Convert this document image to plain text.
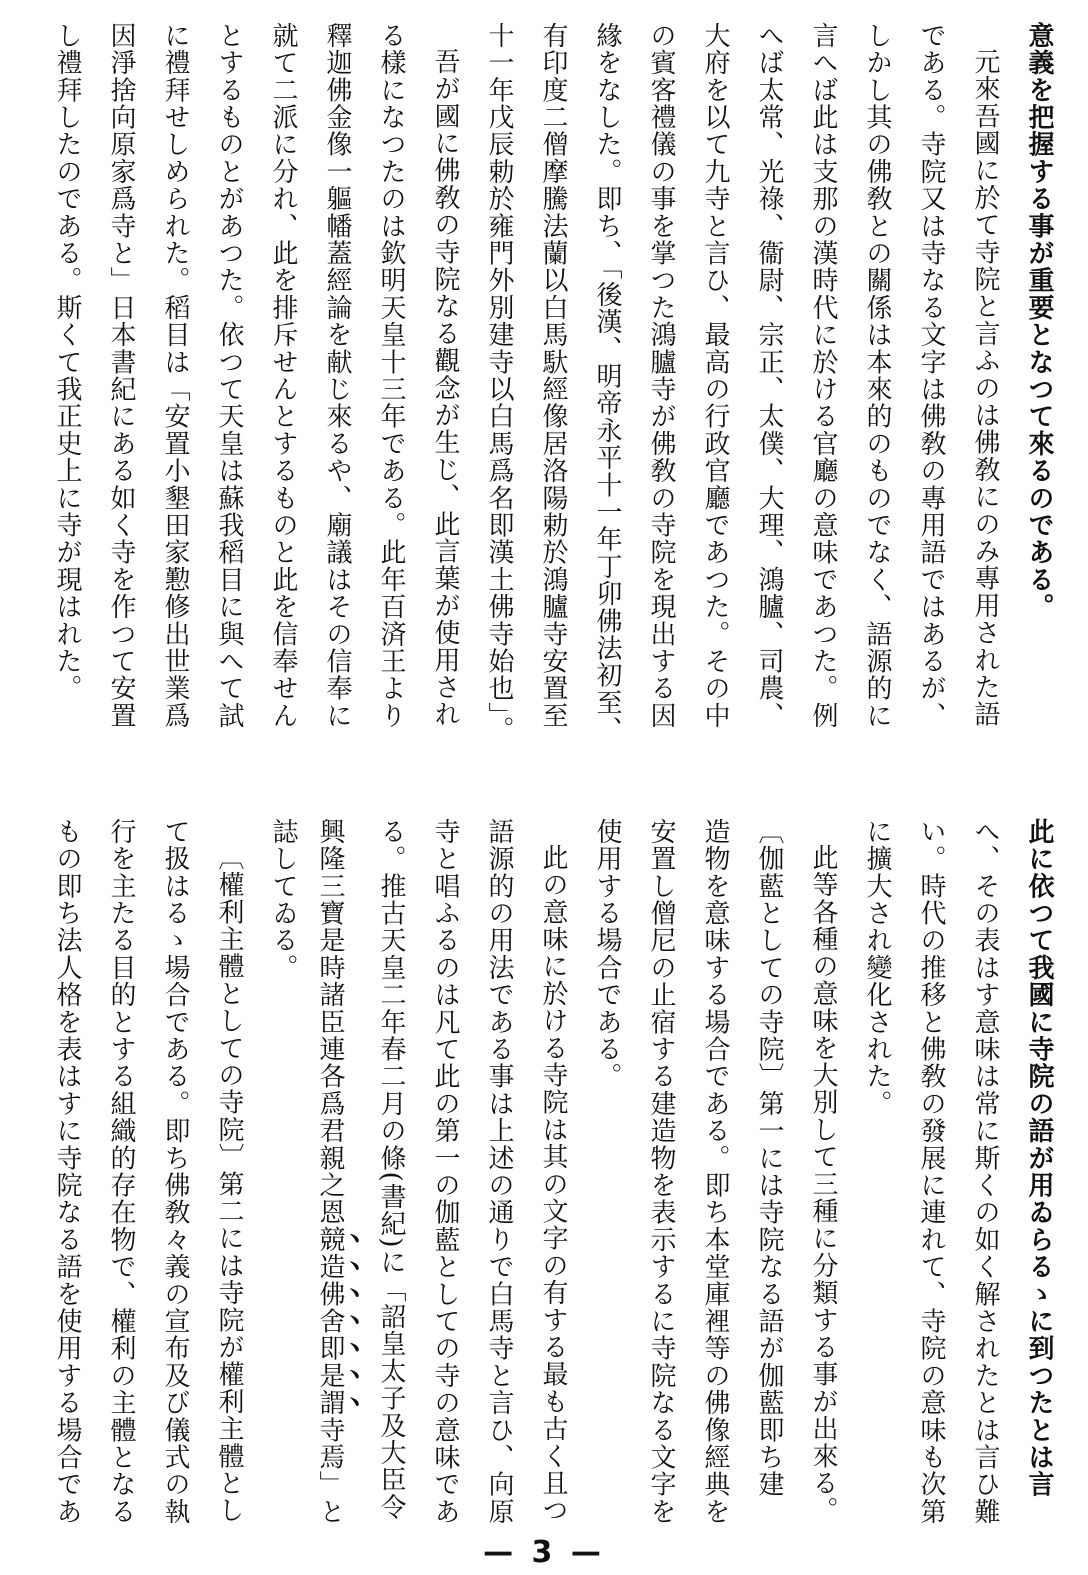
意義を把握する事が重要となつて來るのである。
元來吾國に於て寺院と言ふのは佛敎にのみ專用された語
である。寺院又は寺なる文字は佛敎の專用語ではあるが、
しかし其の佛敎との關係は本來的のものでなく、語源的に
言へば此は支那の漢時代に於ける官廳の意味であつた。例
へば太常、光祿、衞尉、宗正、太僕、大理、鴻臚、司農、
大府を以て九寺と言ひ、最高の行政官廳であつた。その中
の賓客禮儀の事を掌つた鴻臚寺が佛敎の寺院を現出する因
緣をなした。即ち、「後漢、明帝永平十一年丁卯佛法初至、
有印度二僧摩騰法蘭以白馬馱經像居洛陽勅於鴻臚寺安置至
十一年戊辰勅於雍門外別建寺以白馬爲名即漢土佛寺始也」。
吾が國に佛敎の寺院なる觀念が生じ、此言葉が使用され
る樣になつたのは欽明天皇十三年である。此年百済王より
釋迦佛金像一軀幡蓋經論を献じ來るや、廟議はその信奉に
就て二派に分れ、此を排斥せんとするものと此を信奉せん
とするものとがあつた。依つて天皇は蘇我稻目に與へて試
に禮拜せしめられた。稻目は「安置小墾田家懃修出世業爲
因淨捨向原家爲寺と」日本書紀にある如く寺を作つて安置
し禮拜したのである。斯くて我正史上に寺が現はれた。
此に依つて我國に寺院の語が用ゐらるゝに到つたとは言
へ、その表はす意味は常に斯くの如く解されたとは言ひ難
い。時代の推移と佛敎の發展に連れて、寺院の意味も次第
に擴大され變化された。
此等各種の意味を大別して三種に分類する事が出來る。
〔伽藍としての寺院〕第一には寺院なる語が伽藍即ち建
造物を意味する場合である。即ち本堂庫裡等の佛像經典を
安置し僧尼の止宿する建造物を表示するに寺院なる文字を
使用する場合である。
此の意味に於ける寺院は其の文字の有する最も古く且つ
語源的の用法である事は上述の通りで白馬寺と言ひ、向原
寺と唱ふるのは凡て此の第一の伽藍としての寺の意味であ
る。推古天皇二年春二月の條(書紀)に「詔皇太子及大臣令
興隆三寶是時諸臣連各爲君親之恩競造佛舍即是謂寺焉」と
誌してゐる。
〔權利主體としての寺院〕第二には寺院が權利主體とし
て扱はるゝ場合である。即ち佛敎々義の宣布及び儀式の執
行を主たる目的とする組織的存在物で、權利の主體となる
もの即ち法人格を表はすに寺院なる語を使用する場合であ
— 3 —
